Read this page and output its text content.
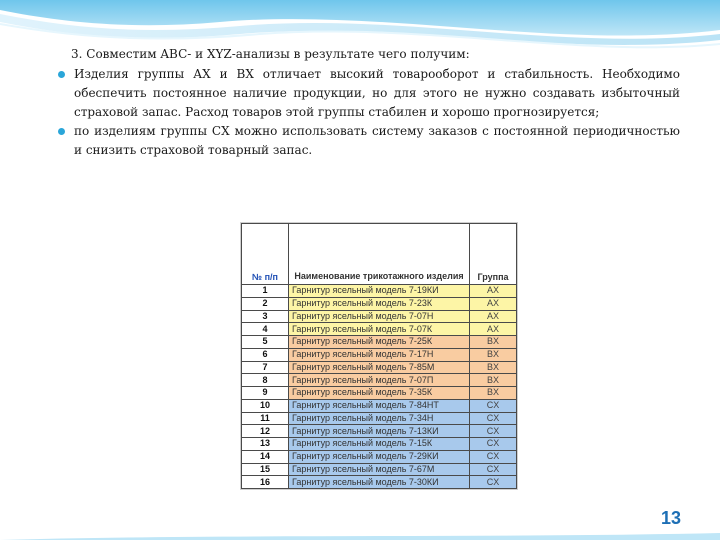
3. Совместим ABC- и XYZ-анализы в результате чего получим:
Изделия группы АХ и ВХ отличает высокий товарооборот и стабильность. Необходимо обеспечить постоянное наличие продукции, но для этого не нужно создавать избыточный страховой запас. Расход товаров этой группы стабилен и хорошо прогнозируется;
по изделиям группы СХ можно использовать систему заказов с постоянной периодичностью и снизить страховой товарный запас.
№ п/п	Наименование трикотажного изделия	Группа
1	Гарнитур ясельный модель 7-19КИ	AX
2	Гарнитур ясельный модель 7-23К	AX
3	Гарнитур ясельный модель 7-07Н	AX
4	Гарнитур ясельный модель 7-07К	AX
5	Гарнитур ясельный модель 7-25К	BX
6	Гарнитур ясельный модель 7-17Н	BX
7	Гарнитур ясельный модель 7-85М	BX
8	Гарнитур ясельный модель 7-07П	BX
9	Гарнитур ясельный модель 7-35К	BX
10	Гарнитур ясельный модель 7-84НТ	CX
11	Гарнитур ясельный модель 7-34Н	CX
12	Гарнитур ясельный модель 7-13КИ	CX
13	Гарнитур ясельный модель 7-15К	CX
14	Гарнитур ясельный модель 7-29КИ	CX
15	Гарнитур ясельный модель 7-67М	CX
16	Гарнитур ясельный модель 7-30КИ	CX
13
